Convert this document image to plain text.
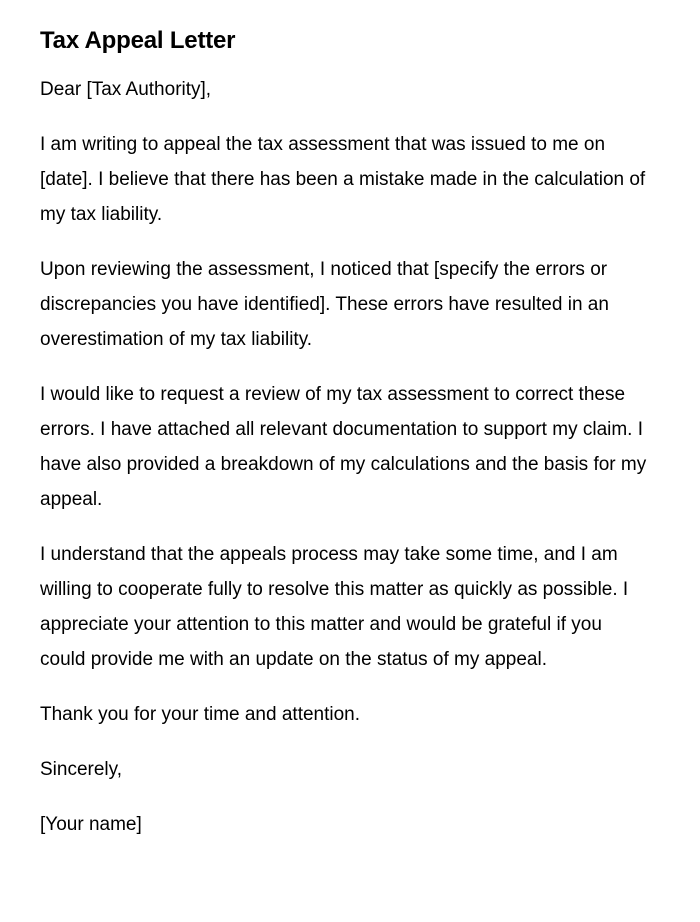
Tax Appeal Letter

Dear [Tax Authority],

I am writing to appeal the tax assessment that was issued to me on [date]. I believe that there has been a mistake made in the calculation of my tax liability.

Upon reviewing the assessment, I noticed that [specify the errors or discrepancies you have identified]. These errors have resulted in an overestimation of my tax liability.

I would like to request a review of my tax assessment to correct these errors. I have attached all relevant documentation to support my claim. I have also provided a breakdown of my calculations and the basis for my appeal.

I understand that the appeals process may take some time, and I am willing to cooperate fully to resolve this matter as quickly as possible. I appreciate your attention to this matter and would be grateful if you could provide me with an update on the status of my appeal.

Thank you for your time and attention.

Sincerely,

[Your name]
